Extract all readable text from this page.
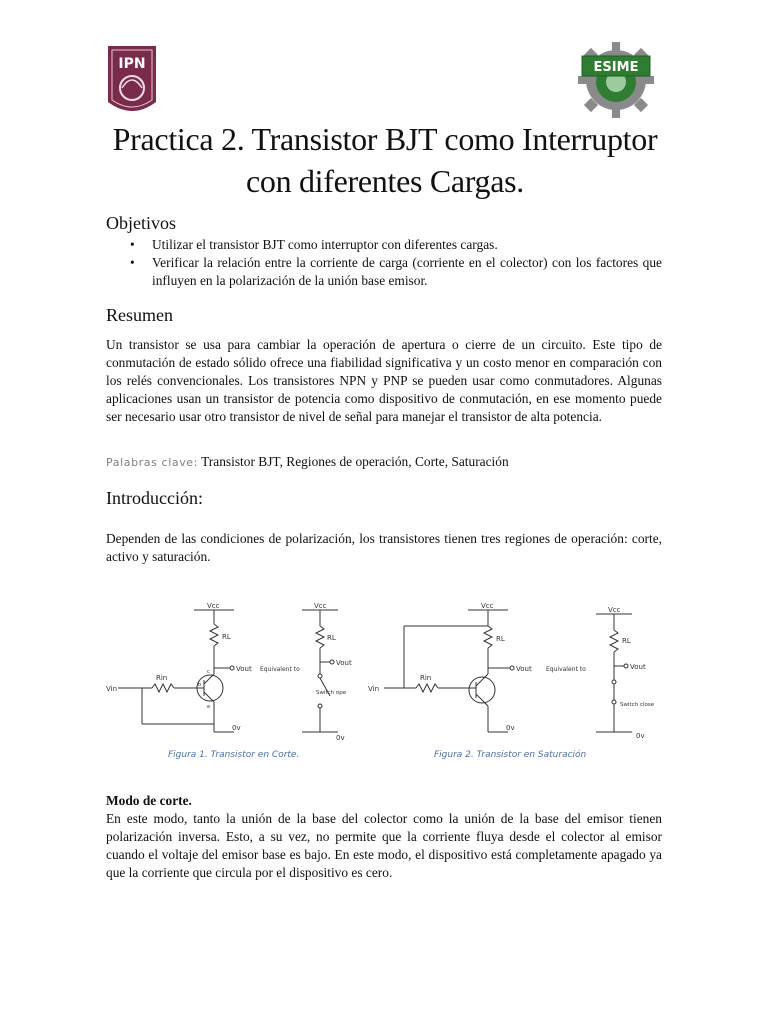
IPN	ESIME
Practica 2. Transistor BJT como Interruptor con diferentes Cargas.
Objetivos
• Utilizar el transistor BJT como interruptor con diferentes cargas.
• Verificar la relación entre la corriente de carga (corriente en el colector) con los factores que influyen en la polarización de la unión base emisor.
Resumen

Un transistor se usa para cambiar la operación de apertura o cierre de un circuito. Este tipo de conmutación de estado sólido ofrece una fiabilidad significativa y un costo menor en comparación con los relés convencionales. Los transistores NPN y PNP se pueden usar como conmutadores. Algunas aplicaciones usan un transistor de potencia como dispositivo de conmutación, en ese momento puede ser necesario usar otro transistor de nivel de señal para manejar el transistor de alta potencia.

Palabras clave: Transistor BJT, Regiones de operación, Corte, Saturación
Introducción:

Dependen de las condiciones de polarización, los transistores tienen tres regiones de operación: corte, activo y saturación.

Vcc
RL
Vout Equivalent to
Rin
Vin
0v
c
b
e
Vcc
RL
Vout
Switch ope
0v
Vcc
RL
Vout Equivalent to
Rin
Vin
0v
Vcc
RL
Vout
Switch close
0v
Figura 1. Transistor en Corte.	Figura 2. Transistor en Saturación

Modo de corte.

En este modo, tanto la unión de la base del colector como la unión de la base del emisor tienen polarización inversa. Esto, a su vez, no permite que la corriente fluya desde el colector al emisor cuando el voltaje del emisor base es bajo. En este modo, el dispositivo está completamente apagado ya que la corriente que circula por el dispositivo es cero.
